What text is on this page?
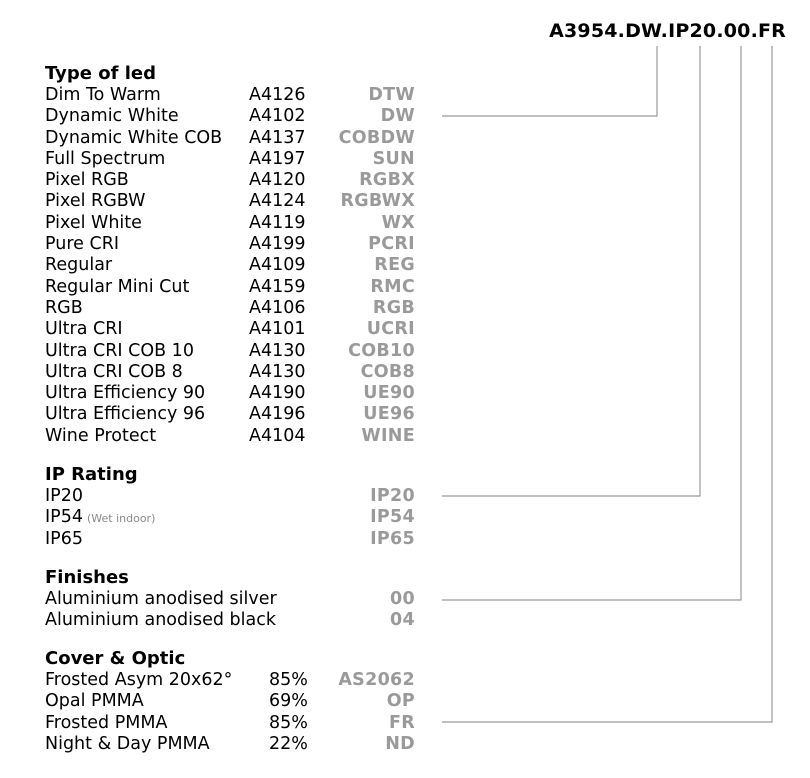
A3954.DW.IP20.00.FR
Type of led
Dim To Warm	A4126	DTW
Dynamic White	A4102	DW
Dynamic White COB A4137	COBDW
Full Spectrum	A4197	SUN
Pixel RGB	A4120	RGBX
Pixel RGBW	A4124	RGBWX
Pixel White	A4119	WX
Pure CRI	A4199	PCRI
Regular	A4109	REG
Regular Mini Cut	A4159	RMC
RGB	A4106	RGB
Ultra CRI	A4101	UCRI
Ultra CRI COB 10	A4130	COB10
Ultra CRI COB 8	A4130	COB8
Ultra Efficiency 90	A4190	UE90
Ultra Efficiency 96	A4196	UE96
Wine Protect	A4104	WINE
IP Rating
IP20	IP20
IP54 (Wet indoor)	IP54
IP65	IP65
Finishes
Aluminium anodised silver	00
Aluminium anodised black	04
Cover & Optic
Frosted Asym 20x62° 85%	AS2062
Opal PMMA	69%	OP
Frosted PMMA	85%	FR
Night & Day PMMA	22%	ND
